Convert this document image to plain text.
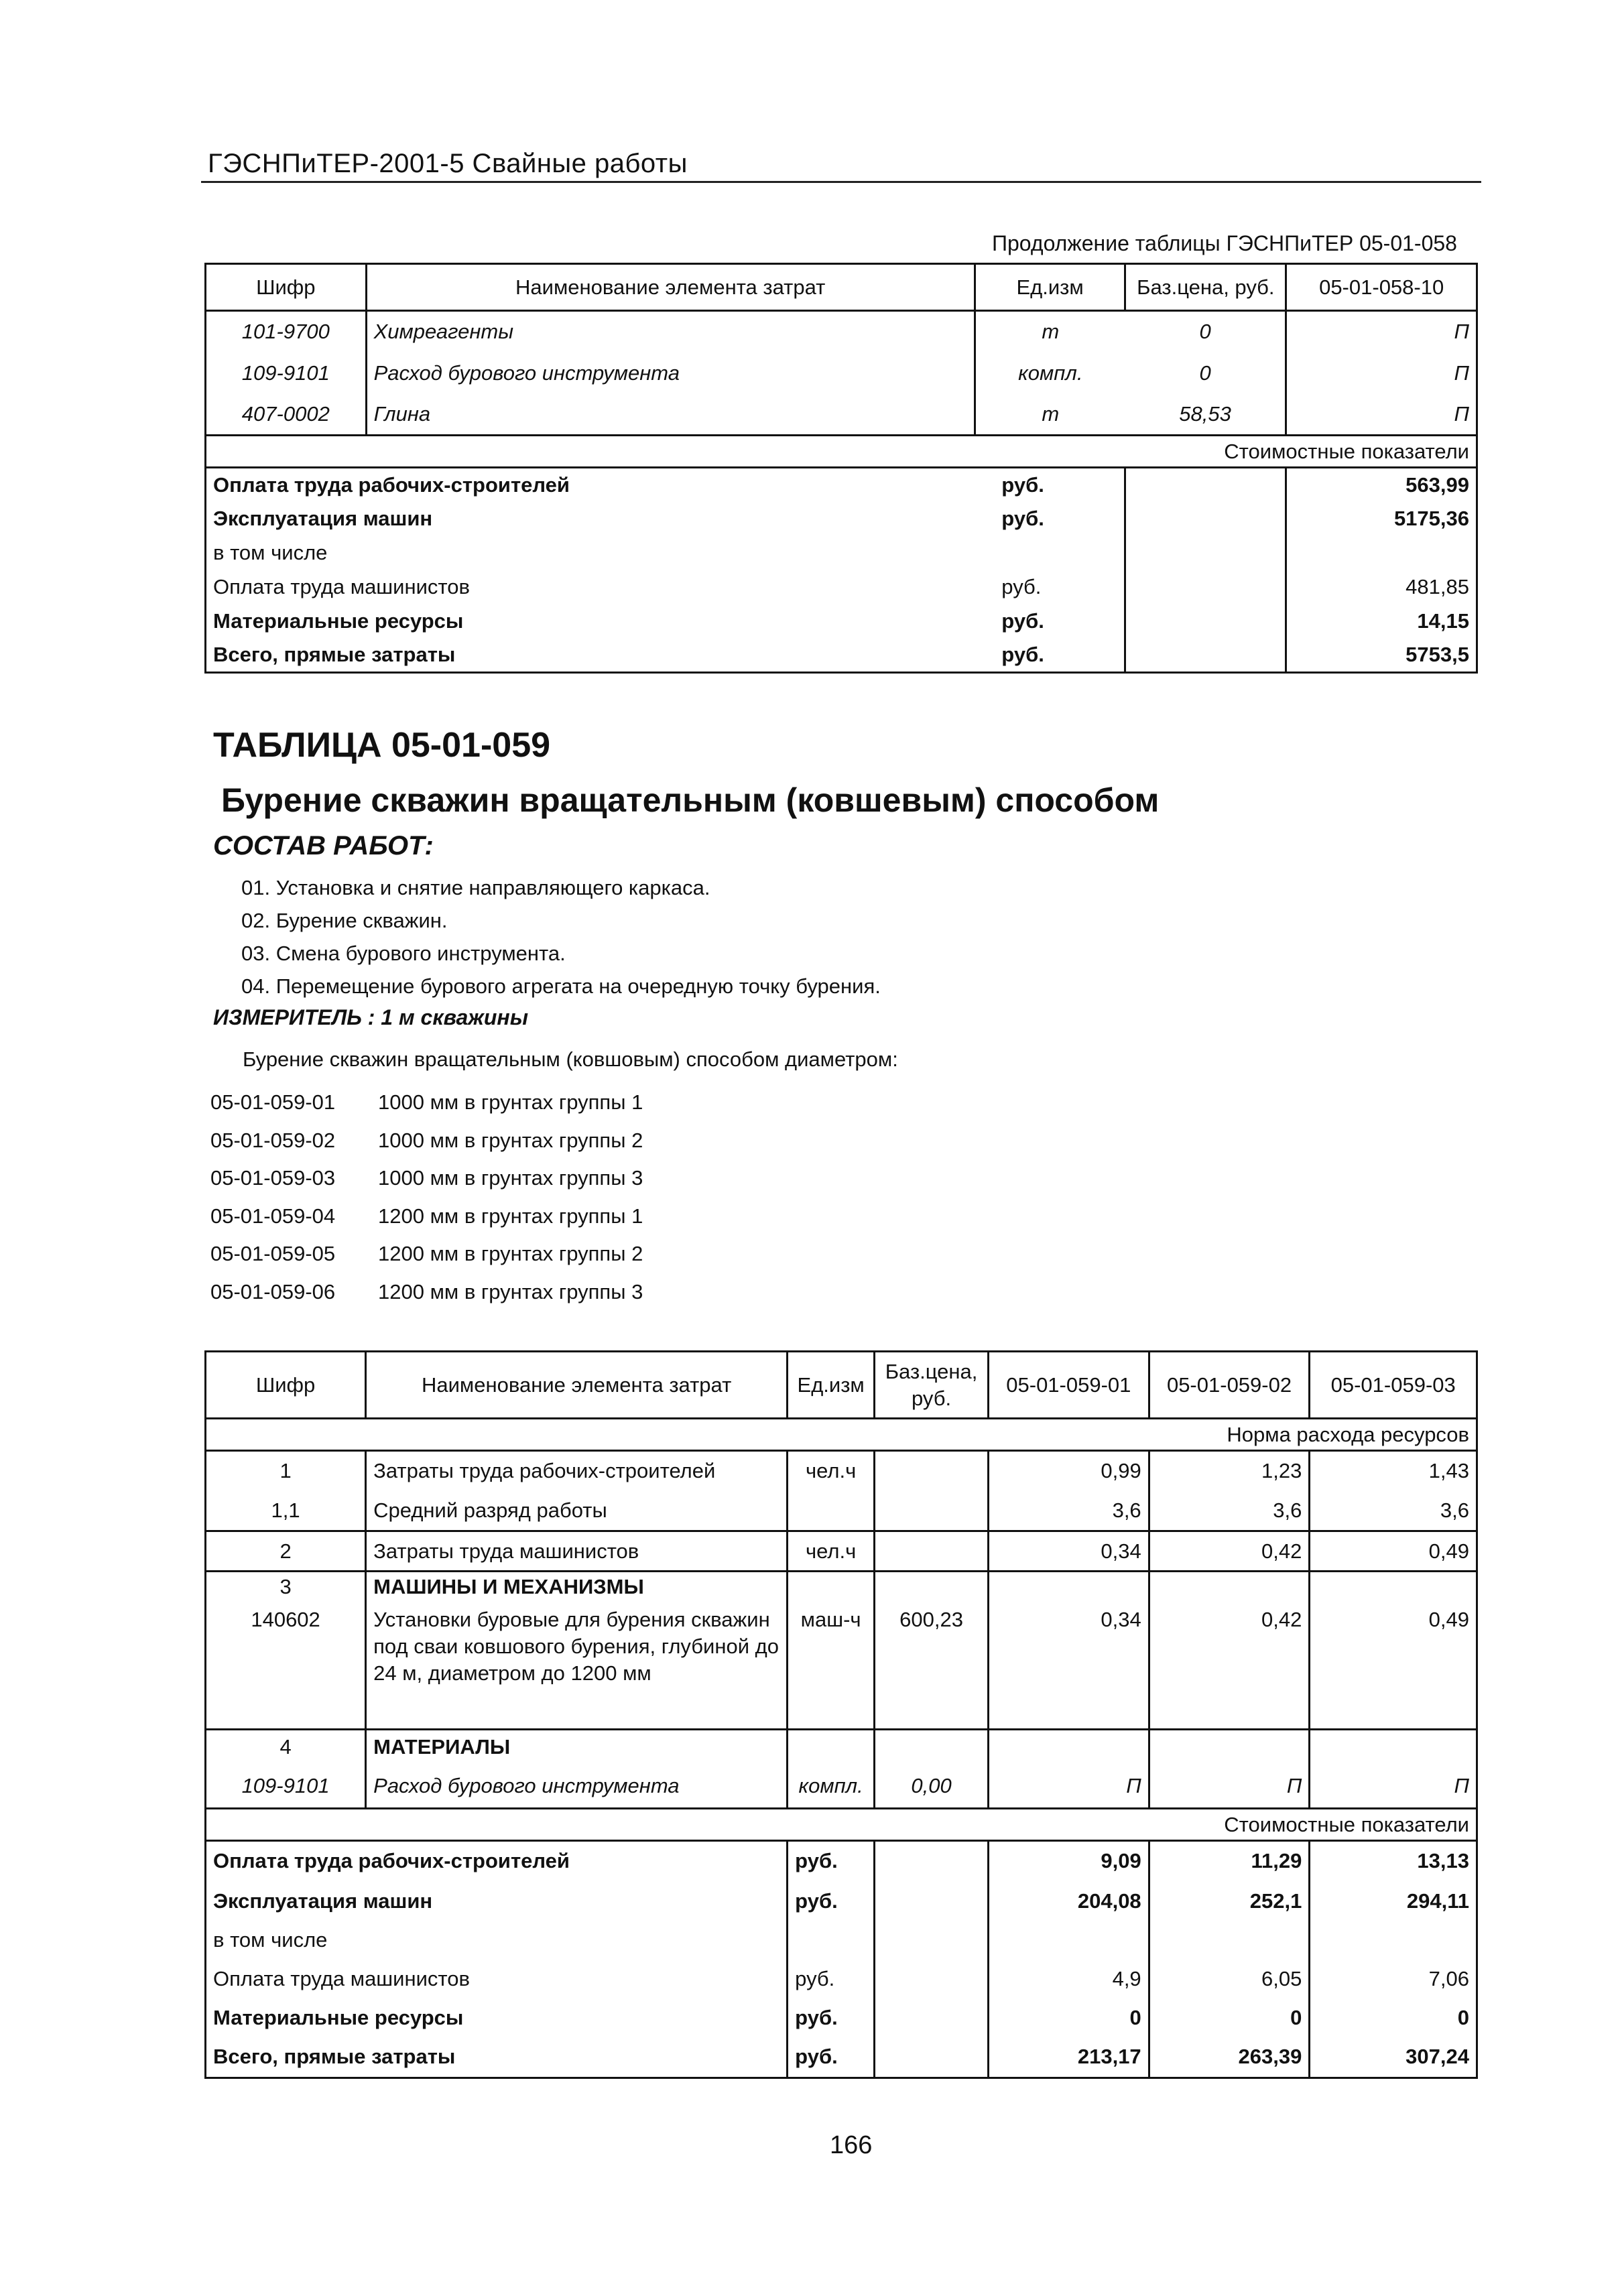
ГЭСНПиТЕР-2001-5 Свайные работы
Продолжение таблицы ГЭСНПиТЕР 05-01-058
Шифр	Наименование элемента затрат	Ед.изм	Баз.цена, руб.	05-01-058-10
101-9700	Химреагенты	т	0	П
109-9101	Расход бурового инструмента	компл.	0	П
407-0002	Глина	т	58,53	П
Стоимостные показатели				
Оплата труда рабочих-строителей		руб.		563,99
Эксплуатация машин		руб.		5175,36
в том числе				
Оплата труда машинистов		руб.		481,85
Материальные ресурсы		руб.		14,15
Всего, прямые затраты		руб.		5753,5
ТАБЛИЦА 05-01-059
Бурение скважин вращательным (ковшевым) способом
СОСТАВ РАБОТ:
01. Установка и снятие направляющего каркаса.
02. Бурение скважин.
03. Смена бурового инструмента.
04. Перемещение бурового агрегата на очередную точку бурения.
ИЗМЕРИТЕЛЬ : 1 м скважины
Бурение скважин вращательным (ковшовым) способом диаметром:
05-01-059-01 1000 мм в грунтах группы 1
05-01-059-02 1000 мм в грунтах группы 2
05-01-059-03 1000 мм в грунтах группы 3
05-01-059-04 1200 мм в грунтах группы 1
05-01-059-05 1200 мм в грунтах группы 2
05-01-059-06 1200 мм в грунтах группы 3
Шифр	Наименование элемента затрат	Ед.изм	Баз.цена, руб.	05-01-059-01	05-01-059-02	05-01-059-03
Норма расхода ресурсов						
1	Затраты труда рабочих-строителей	чел.ч		0,99	1,23	1,43
1,1	Средний разряд работы			3,6	3,6	3,6
2	Затраты труда машинистов	чел.ч		0,34	0,42	0,49
3	МАШИНЫ И МЕХАНИЗМЫ					
140602	Установки буровые для бурения скважин под сваи ковшового бурения, глубиной до 24 м, диаметром до 1200 мм	маш-ч	600,23	0,34	0,42	0,49
4	МАТЕРИАЛЫ					
109-9101	Расход бурового инструмента	компл.	0,00	П	П	П
Стоимостные показатели						
Оплата труда рабочих-строителей		руб.		9,09	11,29	13,13
Эксплуатация машин		руб.		204,08	252,1	294,11
в том числе						
Оплата труда машинистов		руб.		4,9	6,05	7,06
Материальные ресурсы		руб.		0	0	0
Всего, прямые затраты		руб.		213,17	263,39	307,24
166
